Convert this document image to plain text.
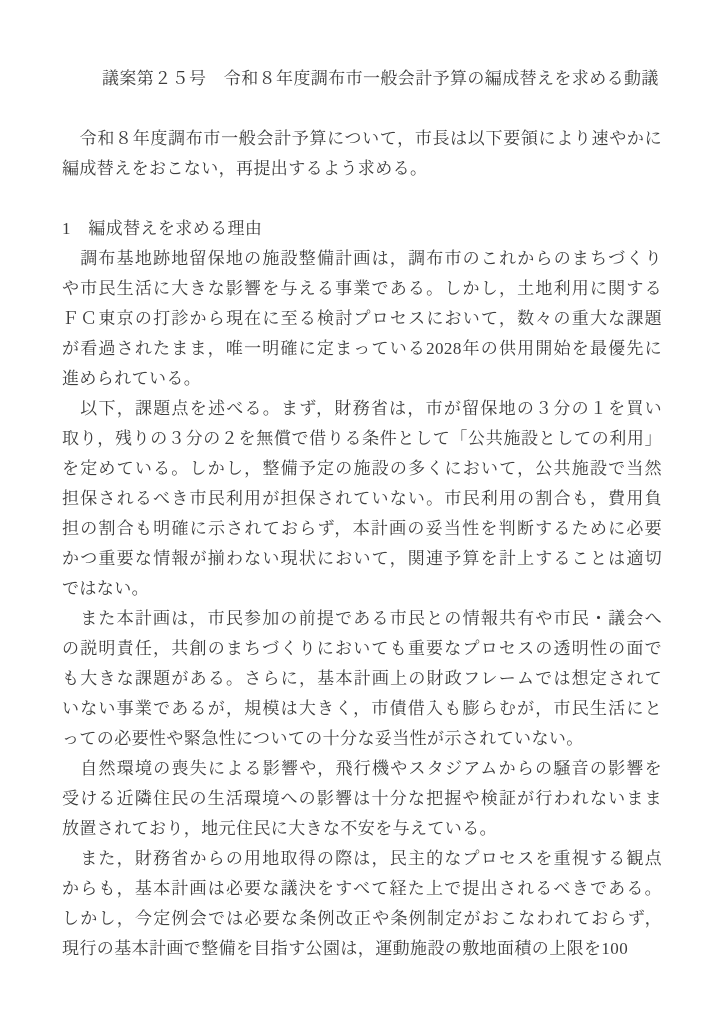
議案第２５号　令和８年度調布市一般会計予算の編成替えを求める動議
　令和８年度調布市一般会計予算について，市長は以下要領により速やかに
編成替えをおこない，再提出するよう求める。
1　編成替えを求める理由
　調布基地跡地留保地の施設整備計画は，調布市のこれからのまちづくり
や市民生活に大きな影響を与える事業である。しかし，土地利用に関する
ＦＣ東京の打診から現在に至る検討プロセスにおいて，数々の重大な課題
が看過されたまま，唯一明確に定まっている2028年の供用開始を最優先に
進められている。
　以下，課題点を述べる。まず，財務省は，市が留保地の３分の１を買い
取り，残りの３分の２を無償で借りる条件として「公共施設としての利用」
を定めている。しかし，整備予定の施設の多くにおいて，公共施設で当然
担保されるべき市民利用が担保されていない。市民利用の割合も，費用負
担の割合も明確に示されておらず，本計画の妥当性を判断するために必要
かつ重要な情報が揃わない現状において，関連予算を計上することは適切
ではない。
　また本計画は，市民参加の前提である市民との情報共有や市民・議会へ
の説明責任，共創のまちづくりにおいても重要なプロセスの透明性の面で
も大きな課題がある。さらに，基本計画上の財政フレームでは想定されて
いない事業であるが，規模は大きく，市債借入も膨らむが，市民生活にと
っての必要性や緊急性についての十分な妥当性が示されていない。
　自然環境の喪失による影響や，飛行機やスタジアムからの騒音の影響を
受ける近隣住民の生活環境への影響は十分な把握や検証が行われないまま
放置されており，地元住民に大きな不安を与えている。
　また，財務省からの用地取得の際は，民主的なプロセスを重視する観点
からも，基本計画は必要な議決をすべて経た上で提出されるべきである。
しかし，今定例会では必要な条例改正や条例制定がおこなわれておらず，
現行の基本計画で整備を目指す公園は，運動施設の敷地面積の上限を100
